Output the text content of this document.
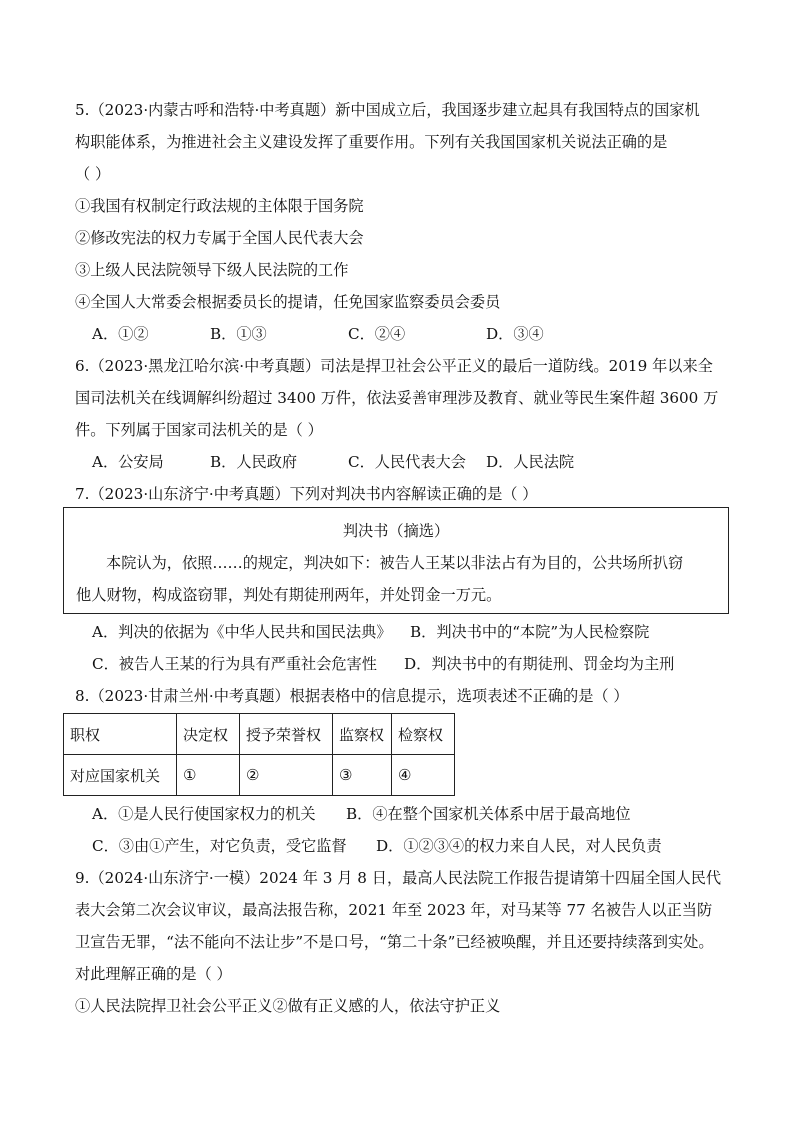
5.（2023·内蒙古呼和浩特·中考真题）新中国成立后，我国逐步建立起具有我国特点的国家机
构职能体系，为推进社会主义建设发挥了重要作用。下列有关我国国家机关说法正确的是
（ ）
①我国有权制定行政法规的主体限于国务院
②修改宪法的权力专属于全国人民代表大会
③上级人民法院领导下级人民法院的工作
④全国人大常委会根据委员长的提请，任免国家监察委员会委员
A．①②	B．①③	C．②④	D．③④
6.（2023·黑龙江哈尔滨·中考真题）司法是捍卫社会公平正义的最后一道防线。2019 年以来全
国司法机关在线调解纠纷超过 3400 万件，依法妥善审理涉及教育、就业等民生案件超 3600 万
件。下列属于国家司法机关的是（ ）
A．公安局	B．人民政府	C．人民代表大会 D．人民法院
7.（2023·山东济宁·中考真题）下列对判决书内容解读正确的是（ ）
判决书（摘选）
本院认为，依照……的规定，判决如下：被告人王某以非法占有为目的，公共场所扒窃
他人财物，构成盗窃罪，判处有期徒刑两年，并处罚金一万元。
A．判决的依据为《中华人民共和国民法典》 B．判决书中的“本院”为人民检察院
C．被告人王某的行为具有严重社会危害性 D．判决书中的有期徒刑、罚金均为主刑
8.（2023·甘肃兰州·中考真题）根据表格中的信息提示，选项表述不正确的是（ ）
职权	决定权	授予荣誉权	监察权	检察权
对应国家机关	①	②	③	④
A．①是人民行使国家权力的机关 B．④在整个国家机关体系中居于最高地位
C．③由①产生，对它负责，受它监督 D．①②③④的权力来自人民，对人民负责
9.（2024·山东济宁·一模）2024 年 3 月 8 日，最高人民法院工作报告提请第十四届全国人民代
表大会第二次会议审议，最高法报告称，2021 年至 2023 年，对马某等 77 名被告人以正当防
卫宣告无罪，“法不能向不法让步”不是口号，“第二十条”已经被唤醒，并且还要持续落到实处。
对此理解正确的是（ ）
①人民法院捍卫社会公平正义②做有正义感的人，依法守护正义
